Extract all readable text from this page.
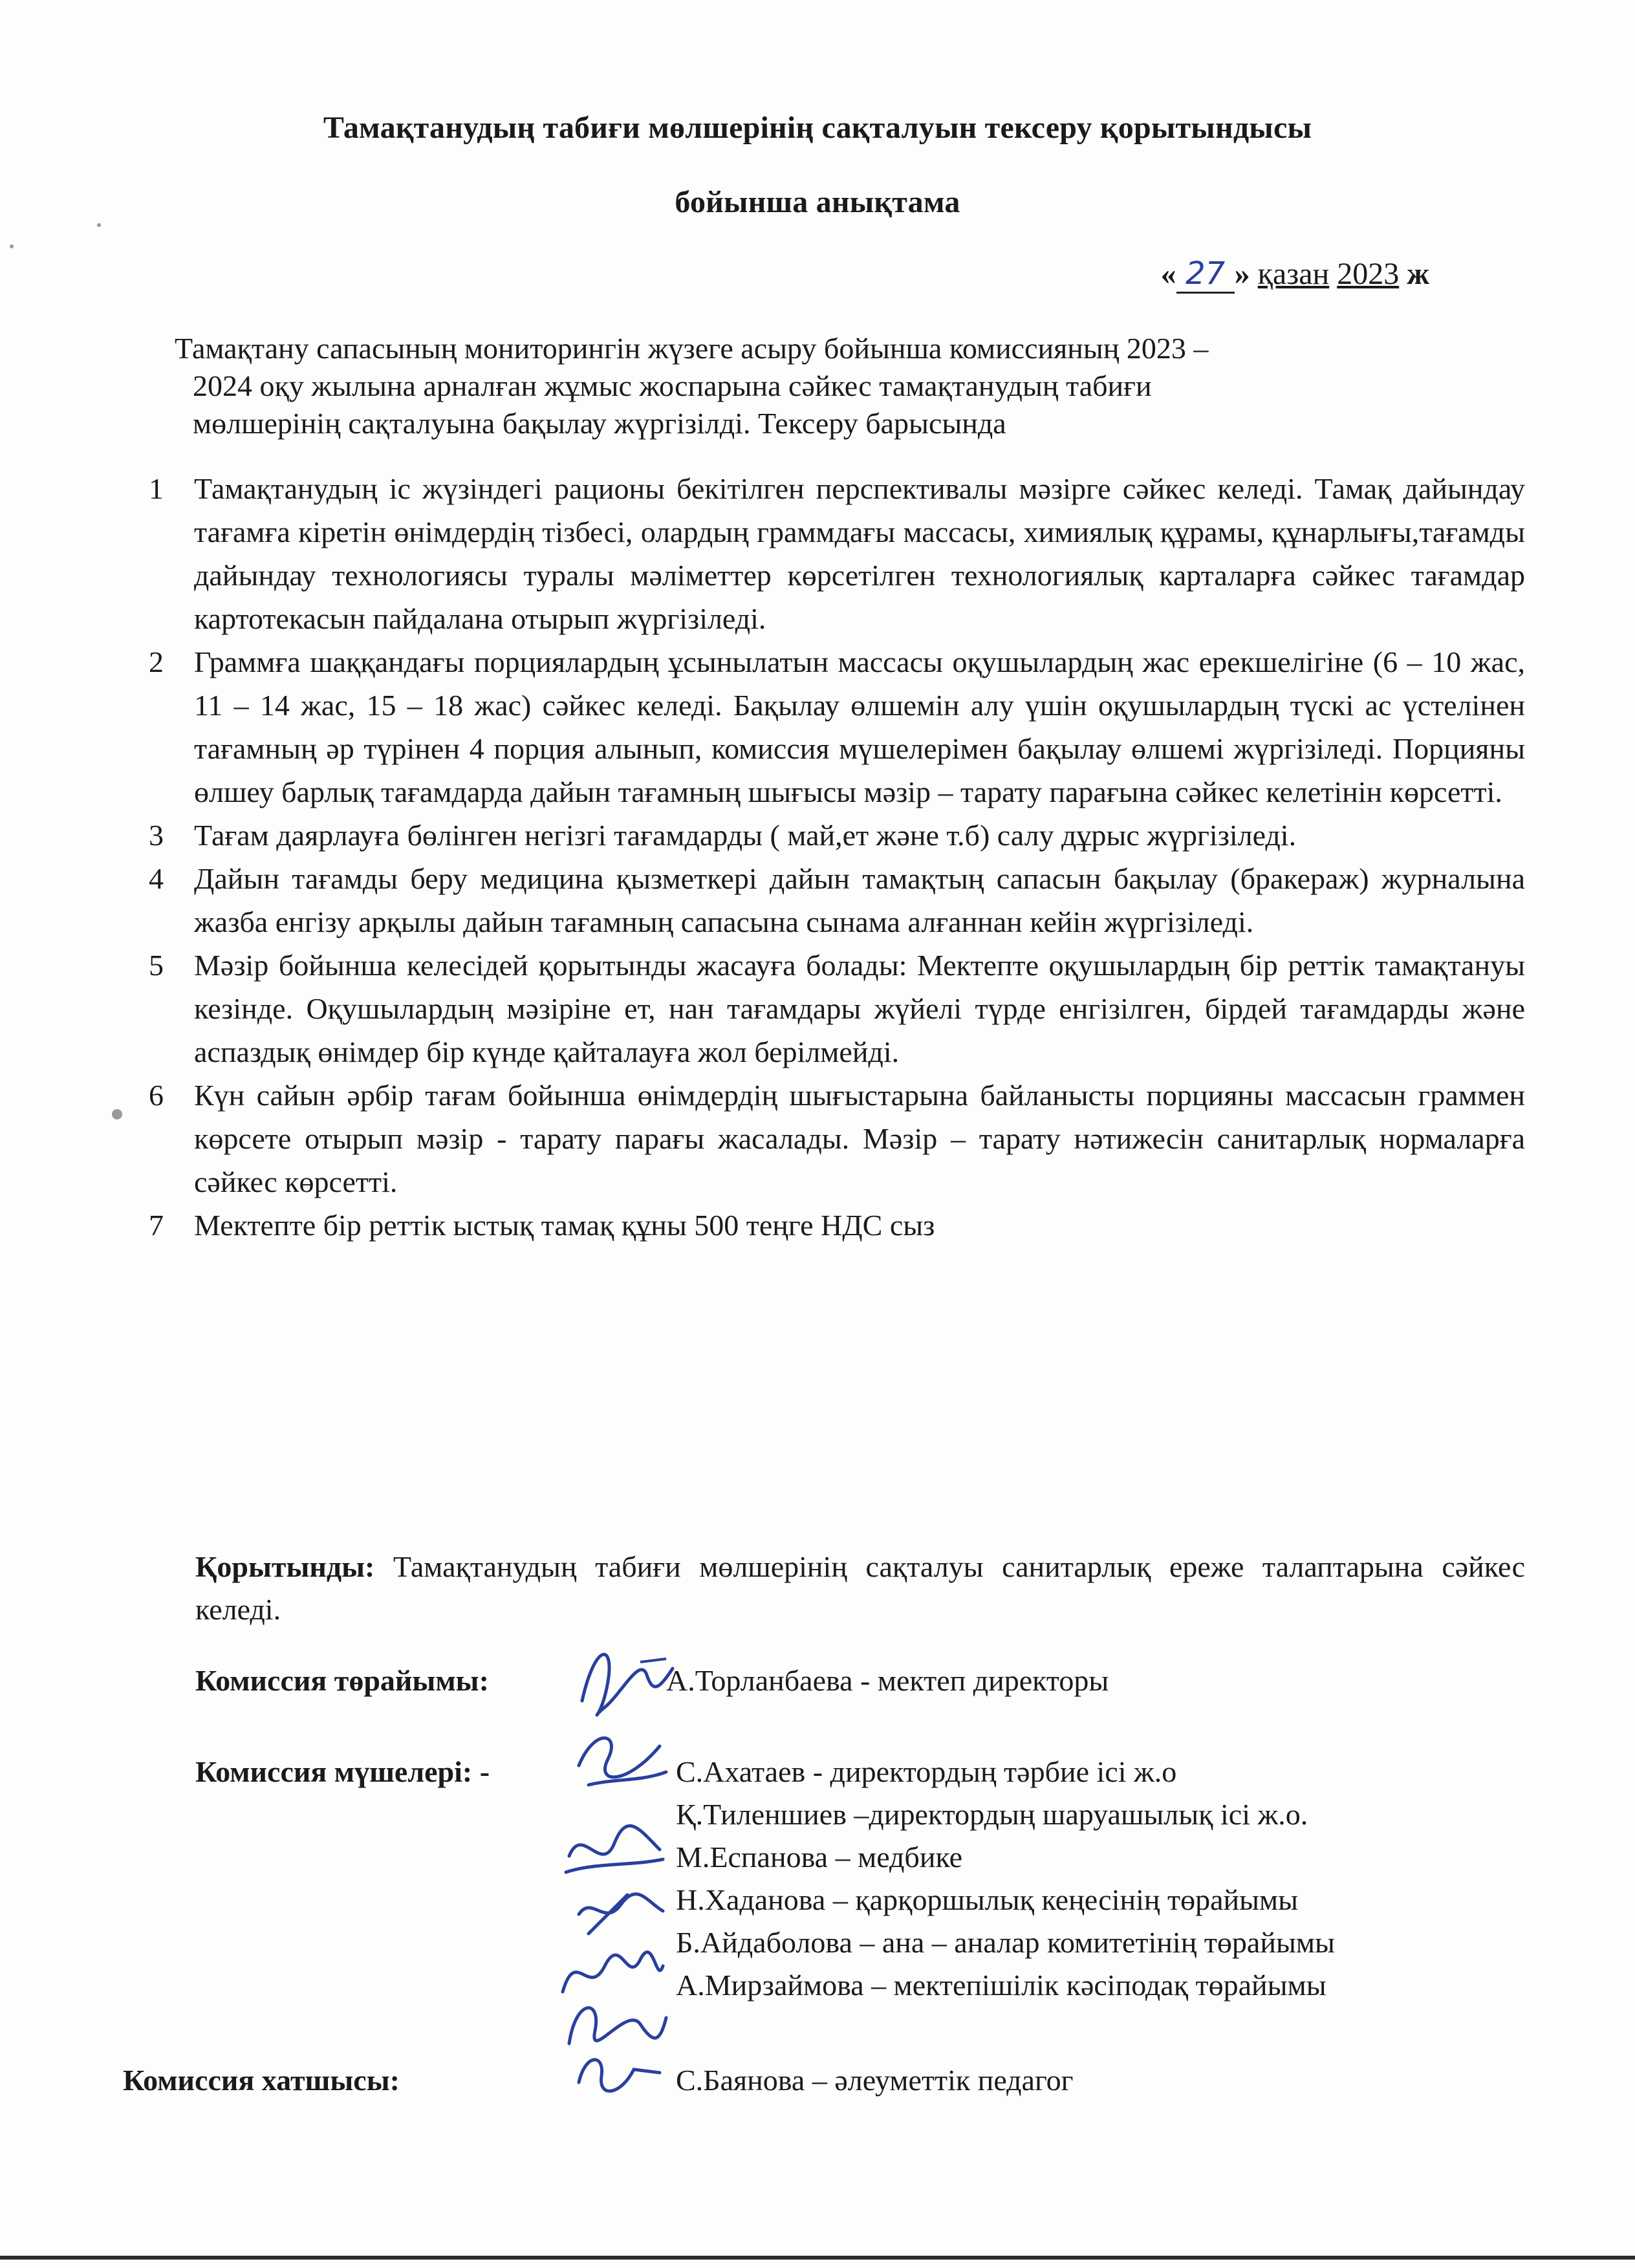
Тамақтанудың табиғи мөлшерінің сақталуын тексеру қорытындысы
бойынша анықтама
« 27 » қазан 2023 ж
Тамақтану сапасының мониторингін жүзеге асыру бойынша комиссияның 2023 –
2024 оқу жылына арналған жұмыс жоспарына сәйкес тамақтанудың табиғи
мөлшерінің сақталуына бақылау жүргізілді. Тексеру барысында
1	Тамақтанудың іс жүзіндегі рационы бекітілген перспективалы мәзірге сәйкес келеді. Тамақ дайындау тағамға кіретін өнімдердің тізбесі, олардың граммдағы массасы, химиялық құрамы, құнарлығы,тағамды дайындау технологиясы туралы мәліметтер көрсетілген технологиялық карталарға сәйкес тағамдар картотекасын пайдалана отырып жүргізіледі.
2	Граммға шаққандағы порциялардың ұсынылатын массасы оқушылардың жас ерекшелігіне (6 – 10 жас, 11 – 14 жас, 15 – 18 жас) сәйкес келеді. Бақылау өлшемін алу үшін оқушылардың түскі ас үстелінен тағамның әр түрінен 4 порция алынып, комиссия мүшелерімен бақылау өлшемі жүргізіледі. Порцияны өлшеу барлық тағамдарда дайын тағамның шығысы мәзір – тарату парағына сәйкес келетінін көрсетті.
3	Тағам даярлауға бөлінген негізгі тағамдарды ( май,ет және т.б) салу дұрыс жүргізіледі.
4	Дайын тағамды беру медицина қызметкері дайын тамақтың сапасын бақылау (бракераж) журналына жазба енгізу арқылы дайын тағамның сапасына сынама алғаннан кейін жүргізіледі.
5	Мәзір бойынша келесідей қорытынды жасауға болады: Мектепте оқушылардың бір реттік тамақтануы кезінде. Оқушылардың мәзіріне ет, нан тағамдары жүйелі түрде енгізілген, бірдей тағамдарды және аспаздық өнімдер бір күнде қайталауға жол берілмейді.
6	Күн сайын әрбір тағам бойынша өнімдердің шығыстарына байланысты порцияны массасын граммен көрсете отырып мәзір - тарату парағы жасалады. Мәзір – тарату нәтижесін санитарлық нормаларға сәйкес көрсетті.
7	Мектепте бір реттік ыстық тамақ құны 500 теңге НДС сыз
Қорытынды: Тамақтанудың табиғи мөлшерінің сақталуы санитарлық ереже талаптарына сәйкес келеді.
Комиссия төрайымы:	А.Торланбаева - мектеп директоры
Комиссия мүшелері: -	С.Ахатаев - директордың тәрбие ісі ж.о
Қ.Тиленшиев –директордың шаруашылық ісі ж.о.
М.Еспанова – медбике
Н.Хаданова – қарқоршылық кеңесінің төрайымы
Б.Айдаболова – ана – аналар комитетінің төрайымы
А.Мирзаймова – мектепішілік кәсіподақ төрайымы
Комиссия хатшысы:	С.Баянова – әлеуметтік педагог
